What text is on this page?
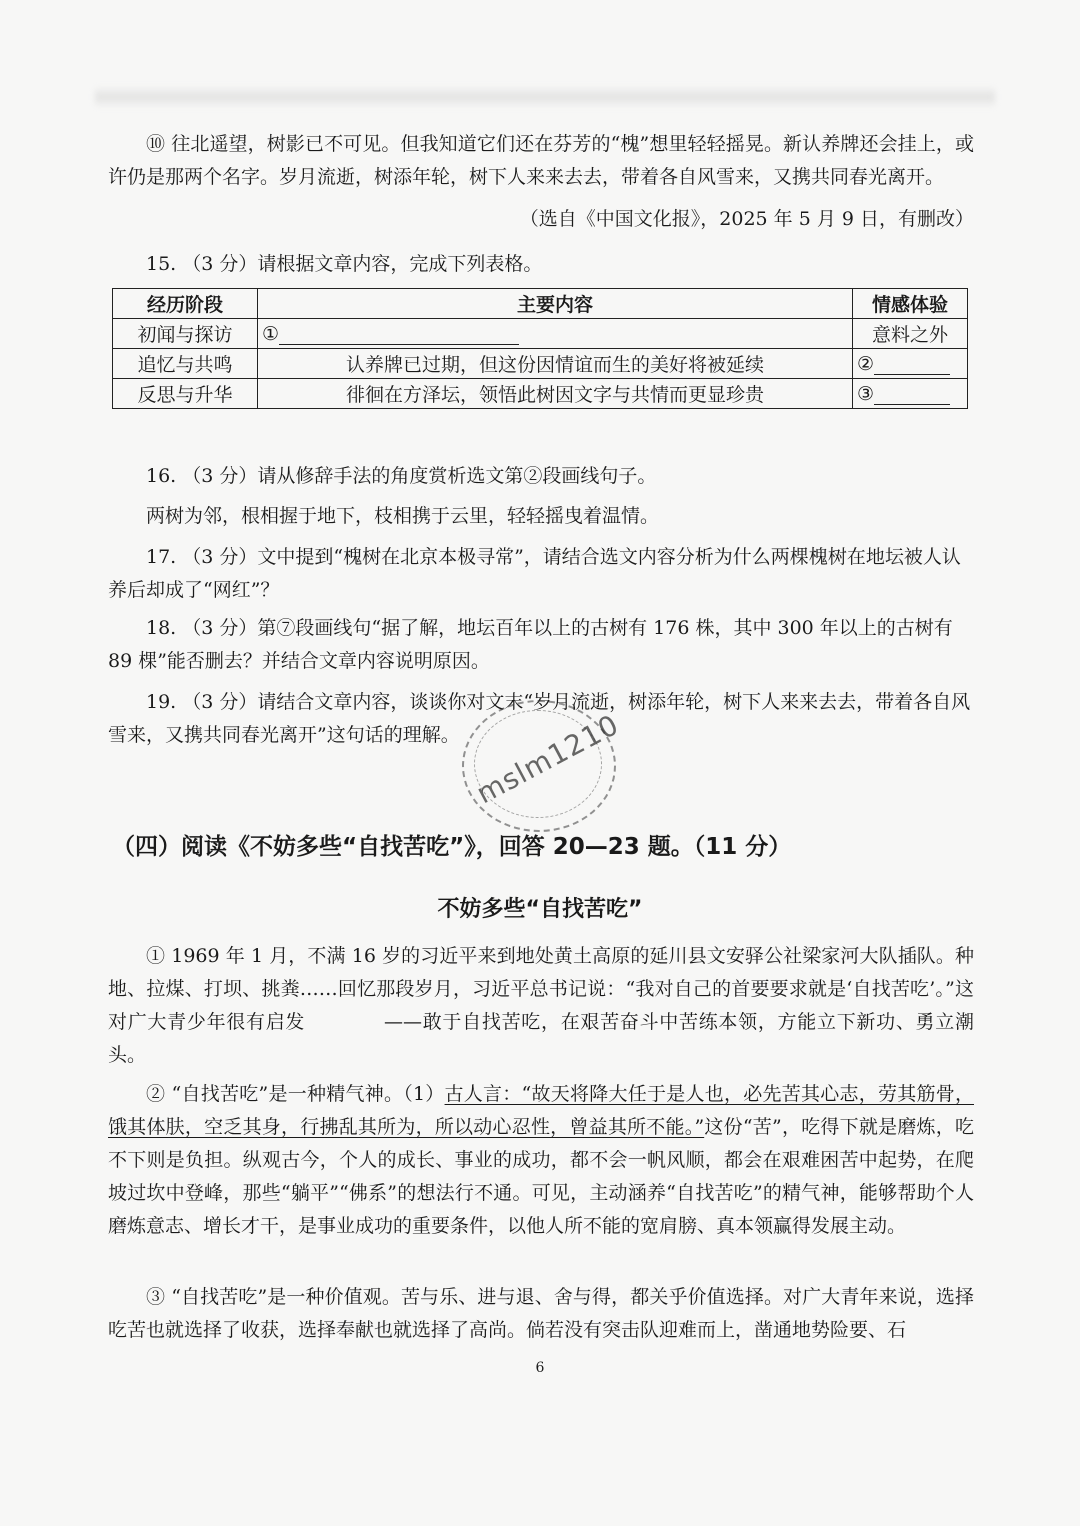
⑩ 往北遥望，树影已不可见。但我知道它们还在芬芳的“槐”想里轻轻摇晃。新认养牌还会挂上，或许仍是那两个名字。岁月流逝，树添年轮，树下人来来去去，带着各自风雪来，又携共同春光离开。

（选自《中国文化报》，2025 年 5 月 9 日，有删改）

15. （3 分）请根据文章内容，完成下列表格。

经历阶段	主要内容	情感体验
初闻与探访	①	意料之外
追忆与共鸣	认养牌已过期，但这份因情谊而生的美好将被延续	②
反思与升华	徘徊在方泽坛，领悟此树因文字与共情而更显珍贵	③

16. （3 分）请从修辞手法的角度赏析选文第②段画线句子。

两树为邻，根相握于地下，枝相携于云里，轻轻摇曳着温情。

17. （3 分）文中提到“槐树在北京本极寻常”，请结合选文内容分析为什么两棵槐树在地坛被人认养后却成了“网红”？

18. （3 分）第⑦段画线句“据了解，地坛百年以上的古树有 176 株，其中 300 年以上的古树有 89 棵”能否删去？并结合文章内容说明原因。

19. （3 分）请结合文章内容，谈谈你对文末“岁月流逝，树添年轮，树下人来来去去，带着各自风雪来，又携共同春光离开”这句话的理解。 mslm1210

（四）阅读《不妨多些“自找苦吃”》，回答 20—23 题。（11 分）

不妨多些“自找苦吃”

① 1969 年 1 月，不满 16 岁的习近平来到地处黄土高原的延川县文安驿公社梁家河大队插队。种地、拉煤、打坝、挑粪……回忆那段岁月，习近平总书记说：“我对自己的首要要求就是‘自找苦吃’。”这对广大青少年很有启发　　　　——敢于自找苦吃，在艰苦奋斗中苦练本领，方能立下新功、勇立潮头。

② “自找苦吃”是一种精气神。（1）古人言：“故天将降大任于是人也，必先苦其心志，劳其筋骨，饿其体肤，空乏其身，行拂乱其所为，所以动心忍性，曾益其所不能。”这份“苦”，吃得下就是磨炼，吃不下则是负担。纵观古今，个人的成长、事业的成功，都不会一帆风顺，都会在艰难困苦中起势，在爬坡过坎中登峰，那些“躺平”“佛系”的想法行不通。可见，主动涵养“自找苦吃”的精气神，能够帮助个人磨炼意志、增长才干，是事业成功的重要条件，以他人所不能的宽肩膀、真本领赢得发展主动。

③ “自找苦吃”是一种价值观。苦与乐、进与退、舍与得，都关乎价值选择。对广大青年来说，选择吃苦也就选择了收获，选择奉献也就选择了高尚。倘若没有突击队迎难而上，凿通地势险要、石

6
